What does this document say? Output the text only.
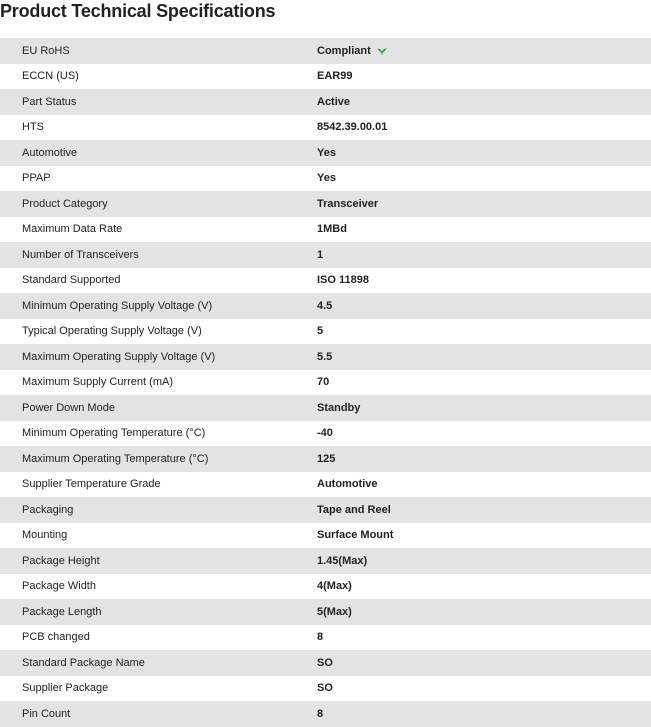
Product Technical Specifications
EU RoHS	Compliant
ECCN (US)	EAR99
Part Status	Active
HTS	8542.39.00.01
Automotive	Yes
PPAP	Yes
Product Category	Transceiver
Maximum Data Rate	1MBd
Number of Transceivers	1
Standard Supported	ISO 11898
Minimum Operating Supply Voltage (V)	4.5
Typical Operating Supply Voltage (V)	5
Maximum Operating Supply Voltage (V)	5.5
Maximum Supply Current (mA)	70
Power Down Mode	Standby
Minimum Operating Temperature (°C)	-40
Maximum Operating Temperature (°C)	125
Supplier Temperature Grade	Automotive
Packaging	Tape and Reel
Mounting	Surface Mount
Package Height	1.45(Max)
Package Width	4(Max)
Package Length	5(Max)
PCB changed	8
Standard Package Name	SO
Supplier Package	SO
Pin Count	8
